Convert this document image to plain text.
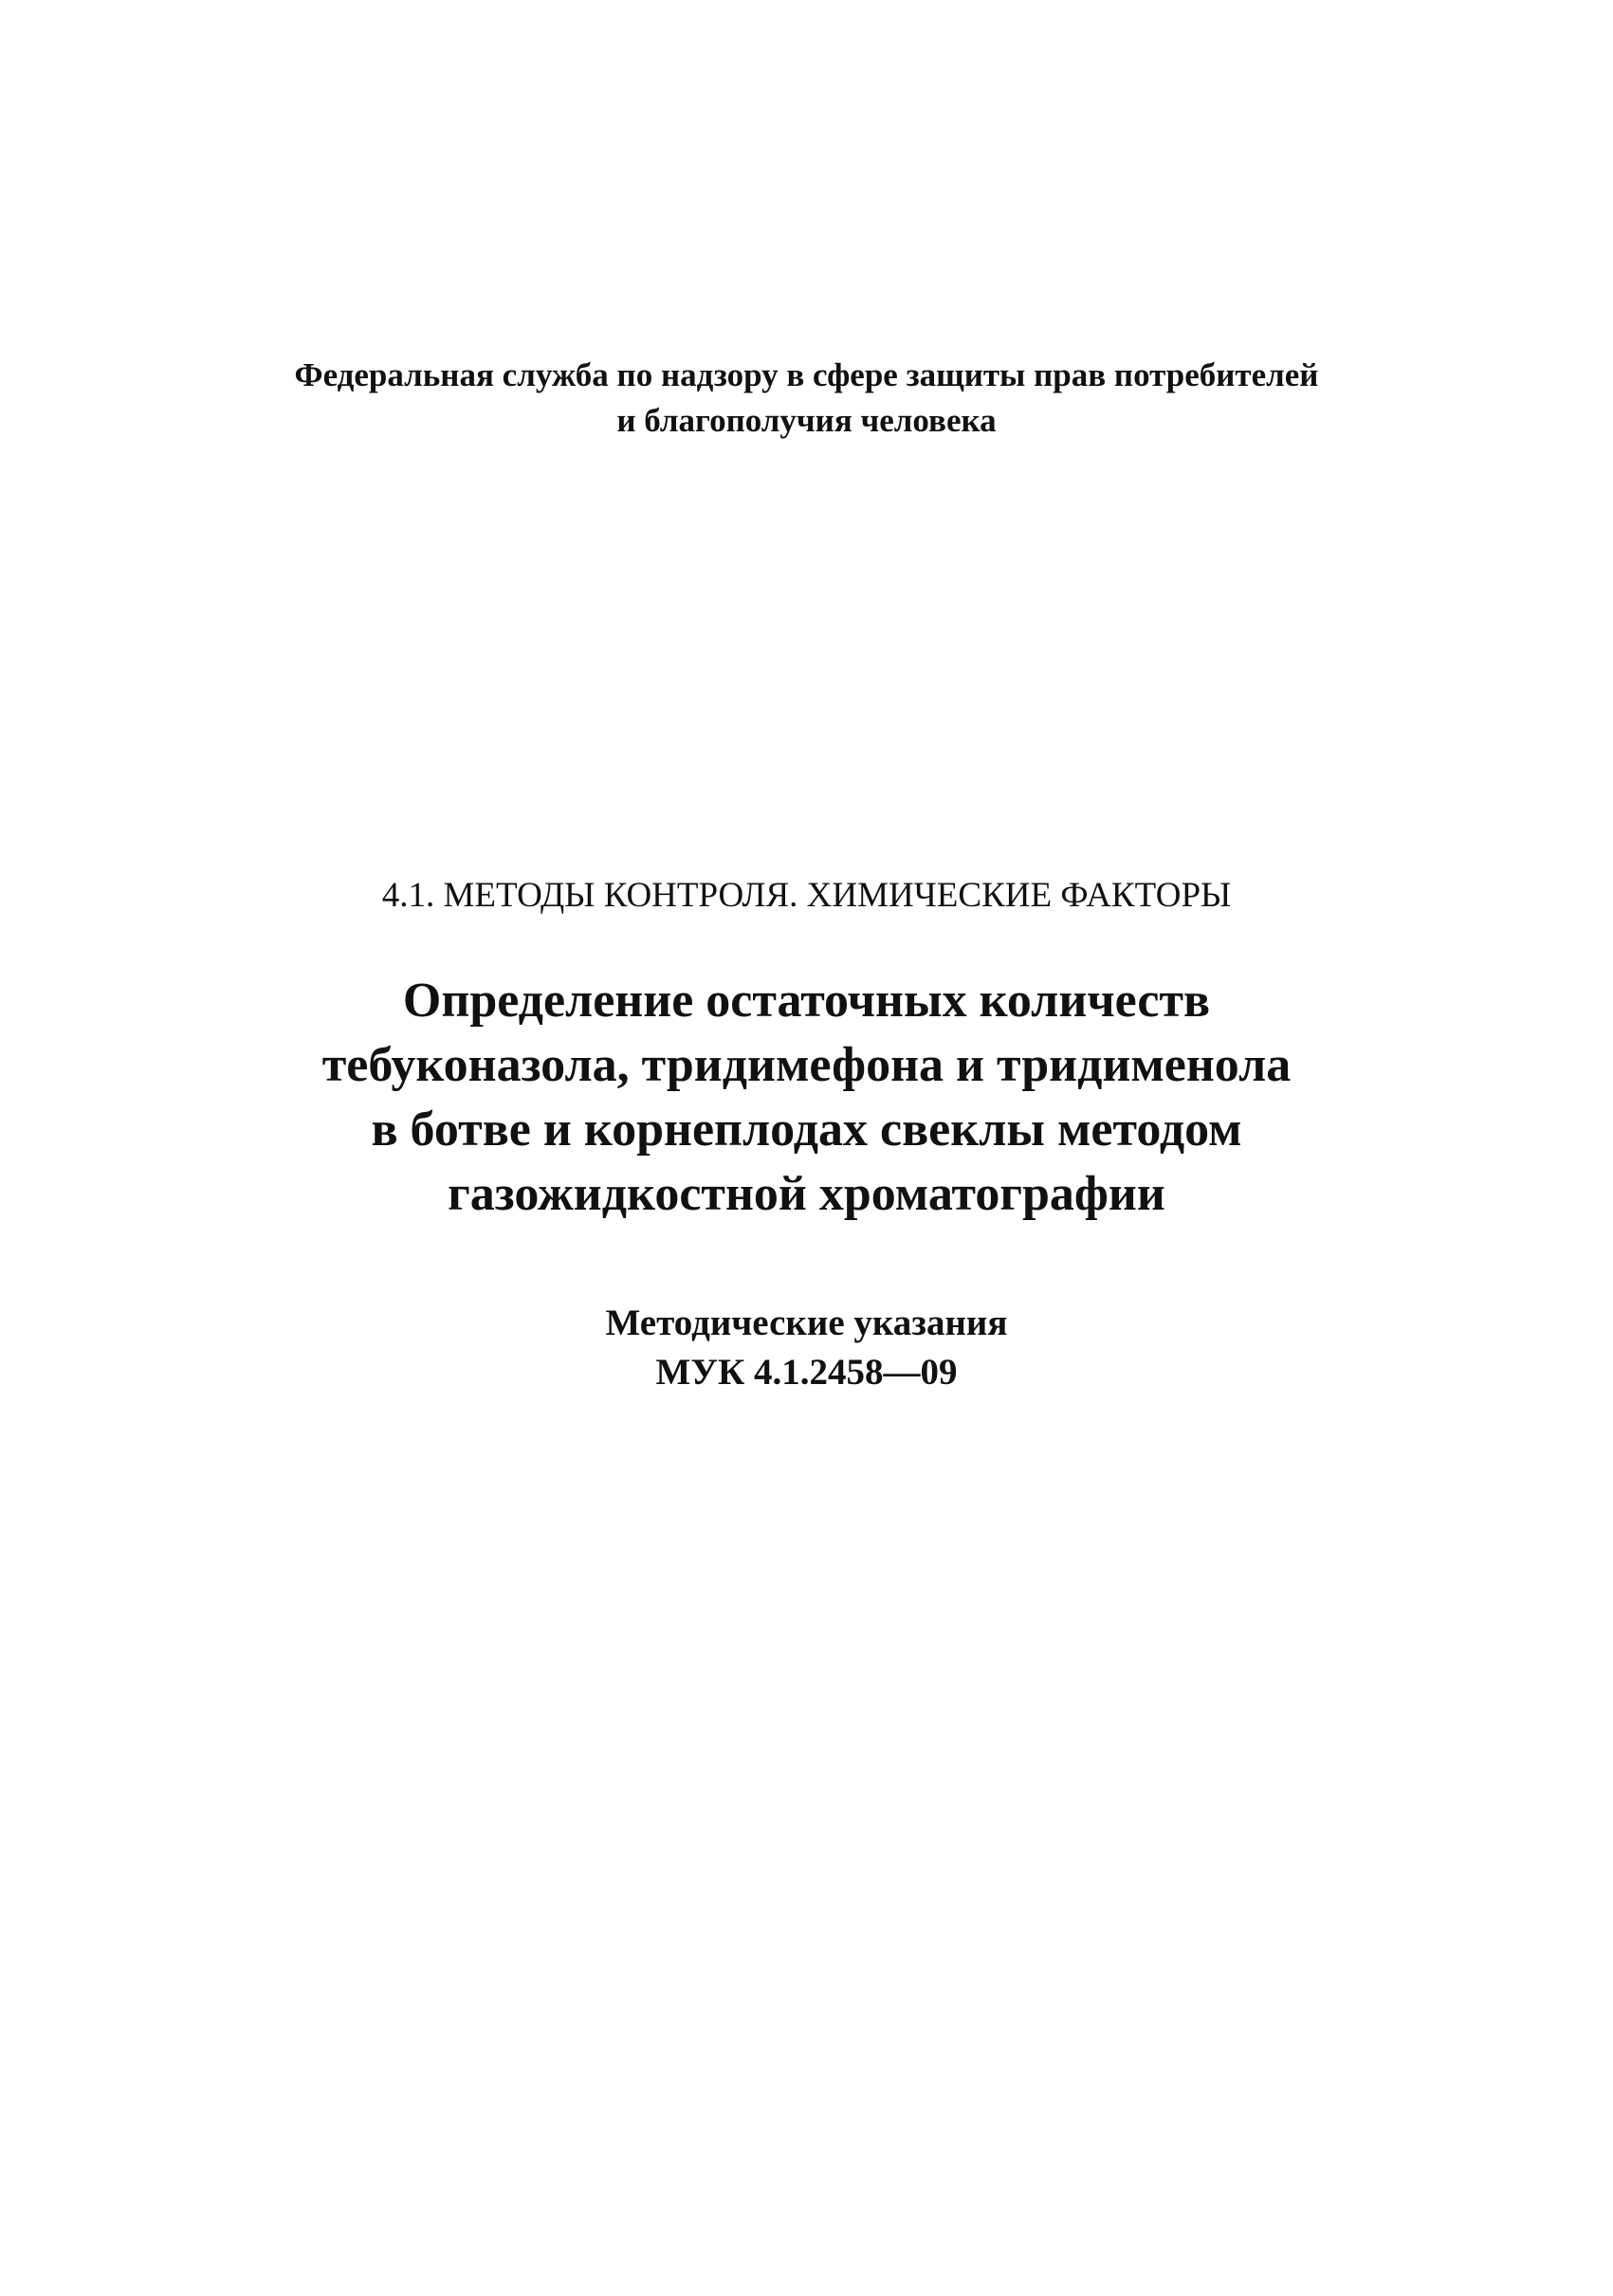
Федеральная служба по надзору в сфере защиты прав потребителей
и благополучия человека
4.1. МЕТОДЫ КОНТРОЛЯ. ХИМИЧЕСКИЕ ФАКТОРЫ
Определение остаточных количеств
тебуконазола, тридимефона и тридименола
в ботве и корнеплодах свеклы методом
газожидкостной хроматографии
Методические указания
МУК 4.1.2458—09
